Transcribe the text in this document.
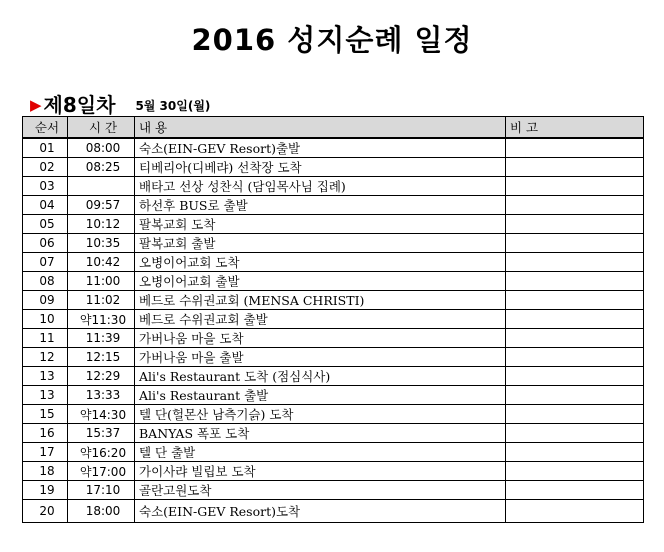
2016 성지순례 일정
▶ 제8일차 5월 30일(월)
순서	시 간	내 용	비 고
01	08:00	숙소(EIN-GEV Resort)출발	
02	08:25	티베리아(디베랴) 선착장 도착	
03		배타고 선상 성찬식 (담임목사님 집례)	
04	09:57	하선후 BUS로 출발	
05	10:12	팔복교회 도착	
06	10:35	팔복교회 출발	
07	10:42	오병이어교회 도착	
08	11:00	오병이어교회 출발	
09	11:02	베드로 수위권교회 (MENSA CHRISTI)	
10	약11:30	베드로 수위권교회 출발	
11	11:39	가버나움 마을 도착	
12	12:15	가버나움 마을 출발	
13	12:29	Ali's Restaurant 도착 (점심식사)	
13	13:33	Ali's Restaurant 출발	
15	약14:30	텔 단(헐몬산 남측기슭) 도착	
16	15:37	BANYAS 폭포 도착	
17	약16:20	텔 단 출발	
18	약17:00	가이사랴 빌립보 도착	
19	17:10	골란고원도착	
20	18:00	숙소(EIN-GEV Resort)도착	
